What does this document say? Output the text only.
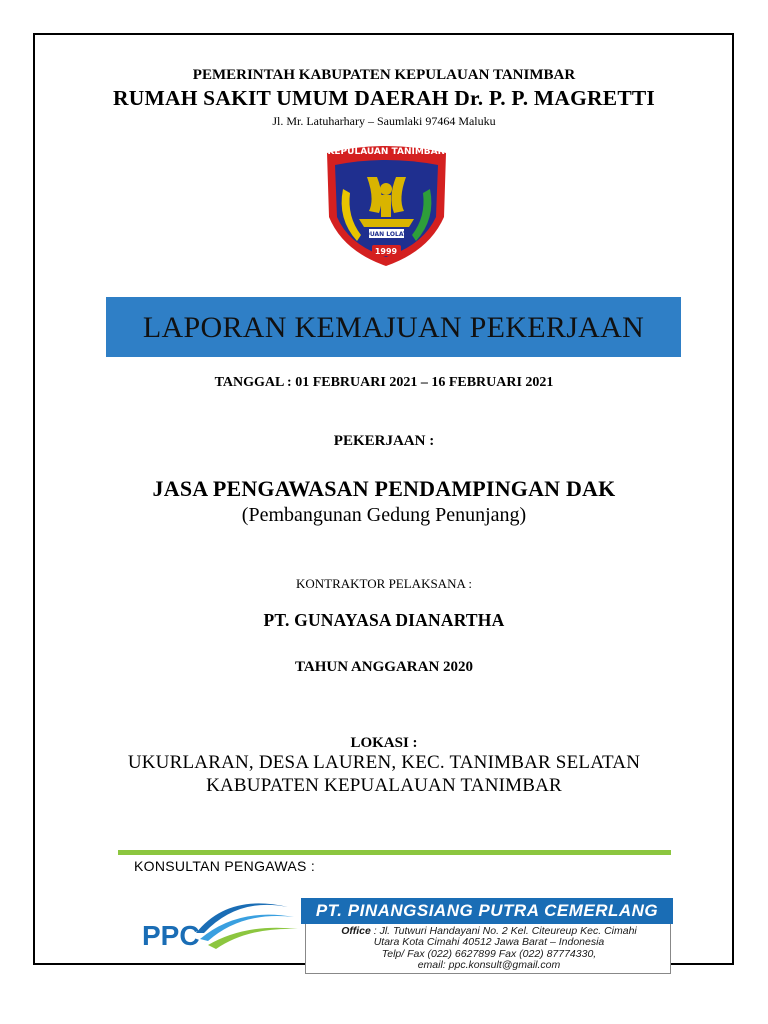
PEMERINTAH KABUPATEN KEPULAUAN TANIMBAR
RUMAH SAKIT UMUM DAERAH Dr. P. P. MAGRETTI
Jl. Mr. Latuharhary – Saumlaki 97464 Maluku
KEPULAUAN TANIMBAR
DUAN LOLAT
1999
LAPORAN KEMAJUAN PEKERJAAN
TANGGAL : 01 FEBRUARI 2021 – 16 FEBRUARI 2021
PEKERJAAN :
JASA PENGAWASAN PENDAMPINGAN DAK
(Pembangunan Gedung Penunjang)
KONTRAKTOR PELAKSANA :
PT. GUNAYASA DIANARTHA
TAHUN ANGGARAN 2020
LOKASI :
UKURLARAN, DESA LAUREN, KEC. TANIMBAR SELATAN
KABUPATEN KEPUALAUAN TANIMBAR
KONSULTAN PENGAWAS :
PPC
PT. PINANGSIANG PUTRA CEMERLANG
Office : Jl. Tutwuri Handayani No. 2 Kel. Citeureup Kec. Cimahi
Utara Kota Cimahi 40512 Jawa Barat – Indonesia
Telp/ Fax (022) 6627899 Fax (022) 87774330,
email: ppc.konsult@gmail.com
